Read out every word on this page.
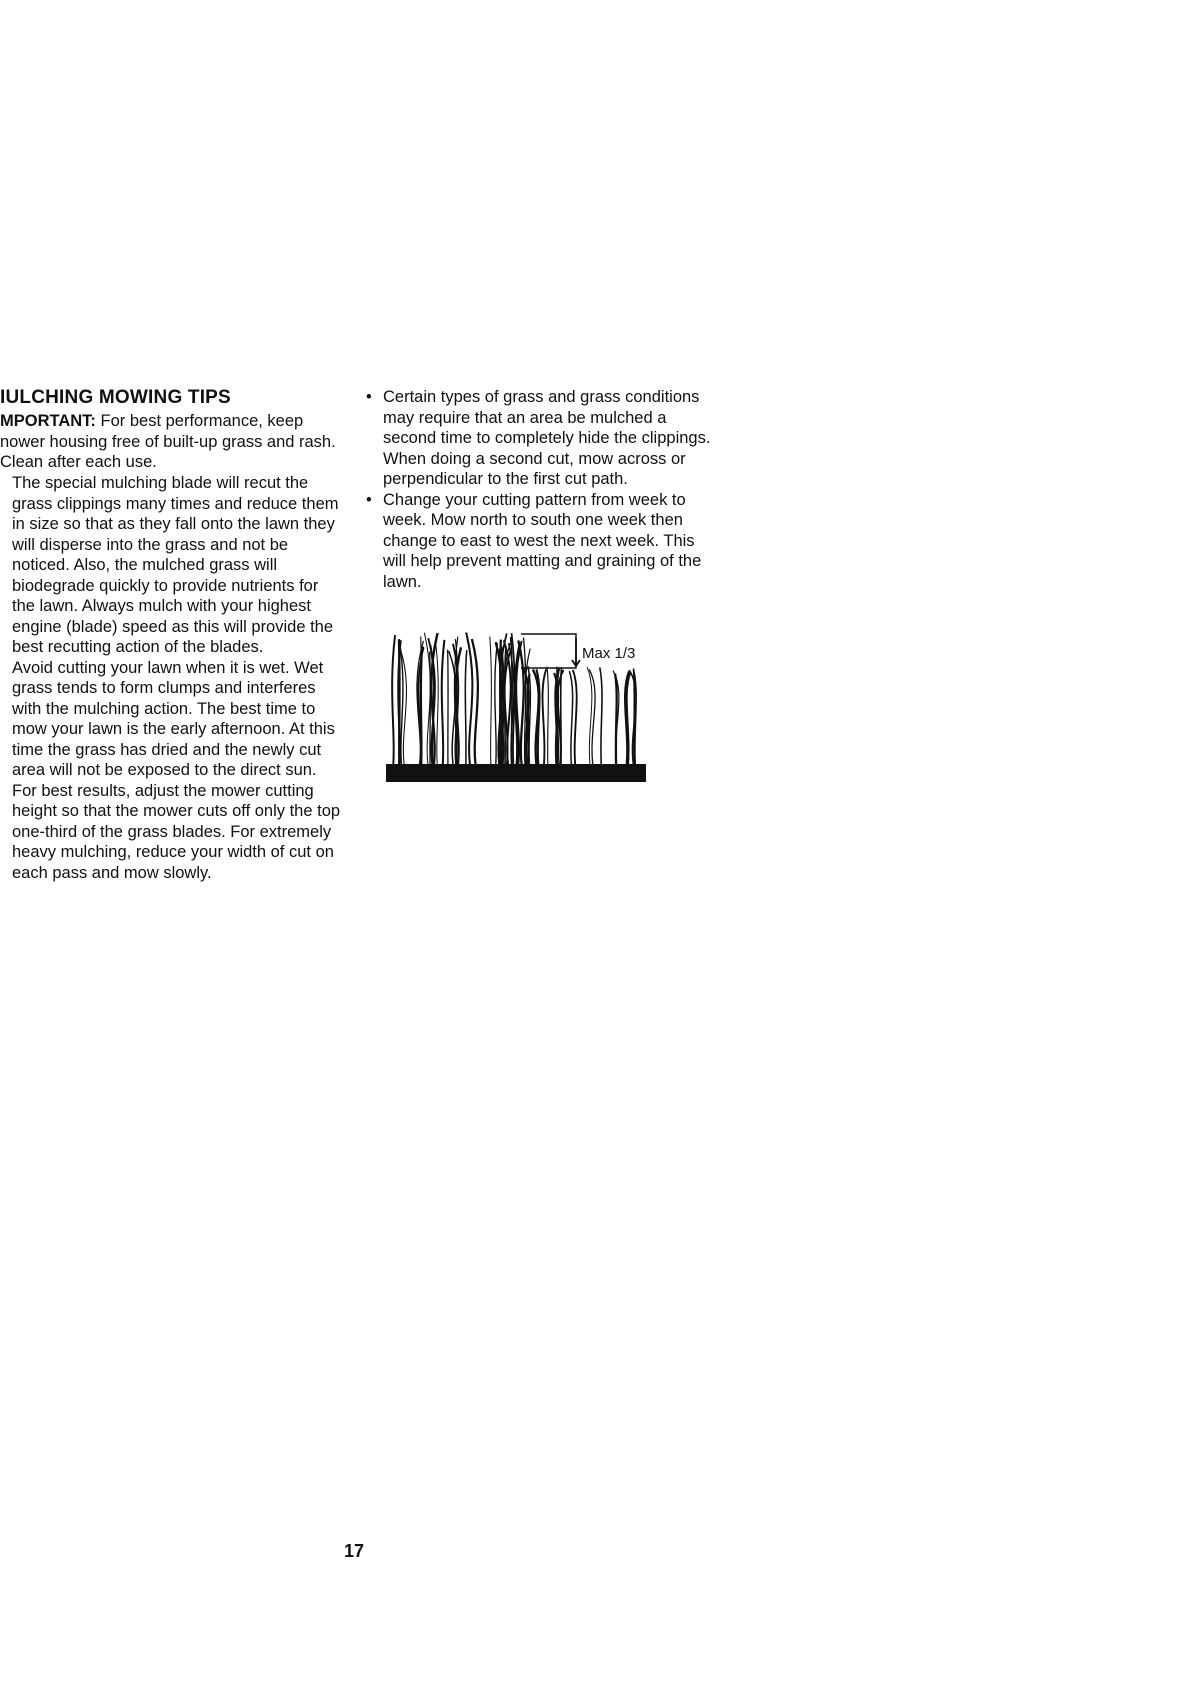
IULCHING MOWING TIPS
MPORTANT: For best performance, keep nower housing free of built-up grass and rash. Clean after each use.

The special mulching blade will recut the grass clippings many times and reduce them in size so that as they fall onto the lawn they will disperse into the grass and not be noticed. Also, the mulched grass will biodegrade quickly to provide nutrients for the lawn. Always mulch with your highest engine (blade) speed as this will provide the best recutting action of the blades.

Avoid cutting your lawn when it is wet. Wet grass tends to form clumps and interferes with the mulching action. The best time to mow your lawn is the early afternoon. At this time the grass has dried and the newly cut area will not be exposed to the direct sun.

For best results, adjust the mower cutting height so that the mower cuts off only the top one-third of the grass blades. For extremely heavy mulching, reduce your width of cut on each pass and mow slowly.

• Certain types of grass and grass conditions may require that an area be mulched a second time to completely hide the clippings. When doing a second cut, mow across or perpendicular to the first cut path.
• Change your cutting pattern from week to week. Mow north to south one week then change to east to west the next week. This will help prevent matting and graining of the lawn.
Max 1/3
17
